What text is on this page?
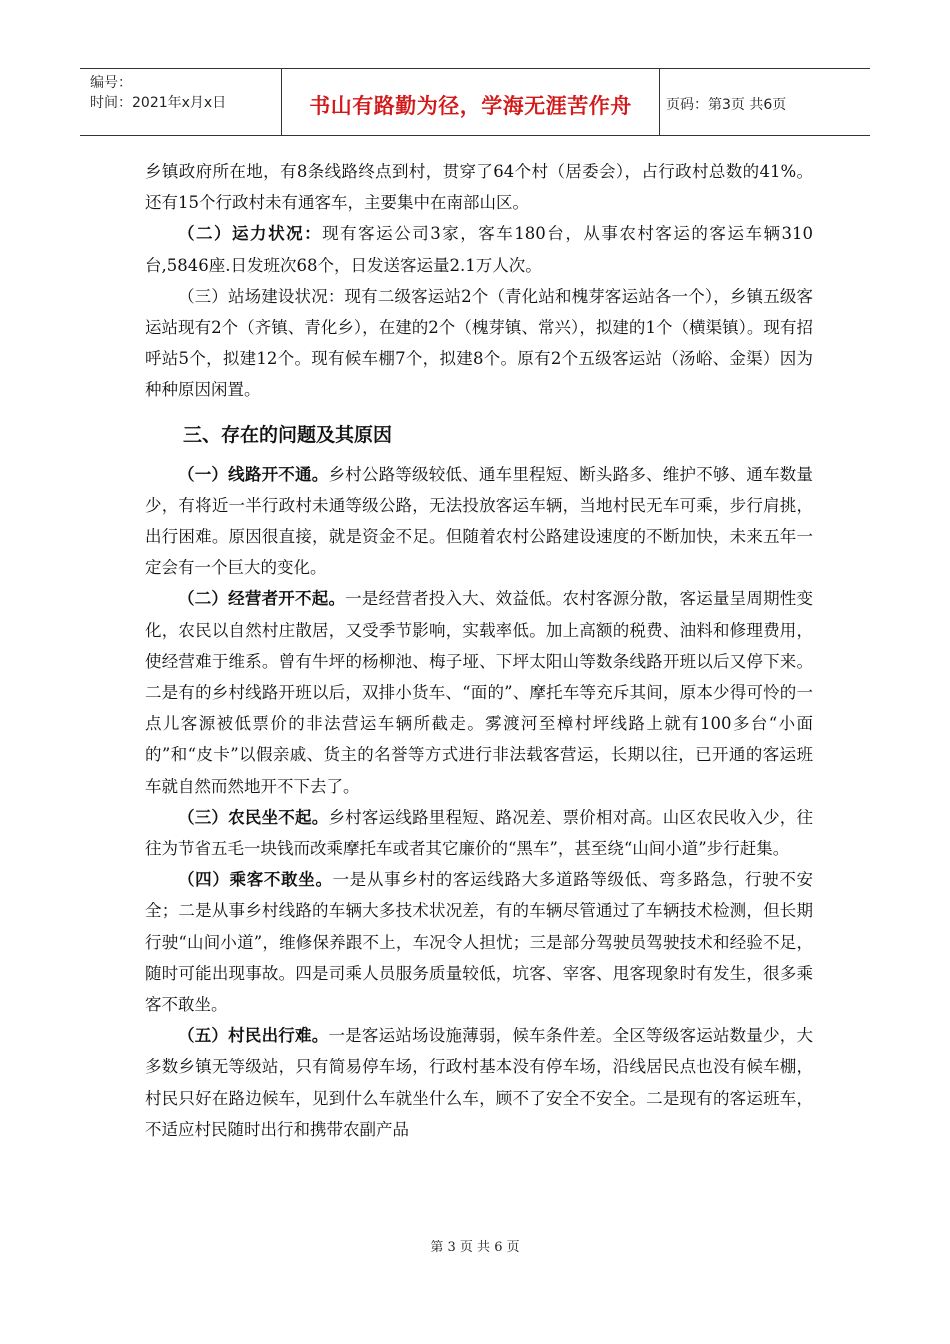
编号：
时间：2021年x月x日	书山有路勤为径，学海无涯苦作舟	页码：第3页 共6页

乡镇政府所在地，有8条线路终点到村，贯穿了64个村（居委会），占行政村总数的41%。还有15个行政村未有通客车，主要集中在南部山区。

（二）运力状况：现有客运公司3家，客车180台，从事农村客运的客运车辆310台,5846座.日发班次68个，日发送客运量2.1万人次。

（三）站场建设状况：现有二级客运站2个（青化站和槐芽客运站各一个），乡镇五级客运站现有2个（齐镇、青化乡），在建的2个（槐芽镇、常兴），拟建的1个（横渠镇）。现有招呼站5个，拟建12个。现有候车棚7个，拟建8个。原有2个五级客运站（汤峪、金渠）因为种种原因闲置。

三、存在的问题及其原因

（一）线路开不通。乡村公路等级较低、通车里程短、断头路多、维护不够、通车数量少，有将近一半行政村未通等级公路，无法投放客运车辆，当地村民无车可乘，步行肩挑，出行困难。原因很直接，就是资金不足。但随着农村公路建设速度的不断加快，未来五年一定会有一个巨大的变化。

（二）经营者开不起。一是经营者投入大、效益低。农村客源分散，客运量呈周期性变化，农民以自然村庄散居，又受季节影响，实载率低。加上高额的税费、油料和修理费用，使经营难于维系。曾有牛坪的杨柳池、梅子垭、下坪太阳山等数条线路开班以后又停下来。二是有的乡村线路开班以后，双排小货车、“面的”、摩托车等充斥其间，原本少得可怜的一点儿客源被低票价的非法营运车辆所截走。雾渡河至樟村坪线路上就有100多台“小面的”和“皮卡”以假亲戚、货主的名誉等方式进行非法载客营运，长期以往，已开通的客运班车就自然而然地开不下去了。

（三）农民坐不起。乡村客运线路里程短、路况差、票价相对高。山区农民收入少，往往为节省五毛一块钱而改乘摩托车或者其它廉价的“黑车”，甚至绕“山间小道”步行赶集。

（四）乘客不敢坐。一是从事乡村的客运线路大多道路等级低、弯多路急，行驶不安全；二是从事乡村线路的车辆大多技术状况差，有的车辆尽管通过了车辆技术检测，但长期行驶“山间小道”，维修保养跟不上，车况令人担忧；三是部分驾驶员驾驶技术和经验不足，随时可能出现事故。四是司乘人员服务质量较低，坑客、宰客、甩客现象时有发生，很多乘客不敢坐。

（五）村民出行难。一是客运站场设施薄弱，候车条件差。全区等级客运站数量少，大多数乡镇无等级站，只有简易停车场，行政村基本没有停车场，沿线居民点也没有候车棚，村民只好在路边候车，见到什么车就坐什么车，顾不了安全不安全。二是现有的客运班车，不适应村民随时出行和携带农副产品

第 3 页 共 6 页
